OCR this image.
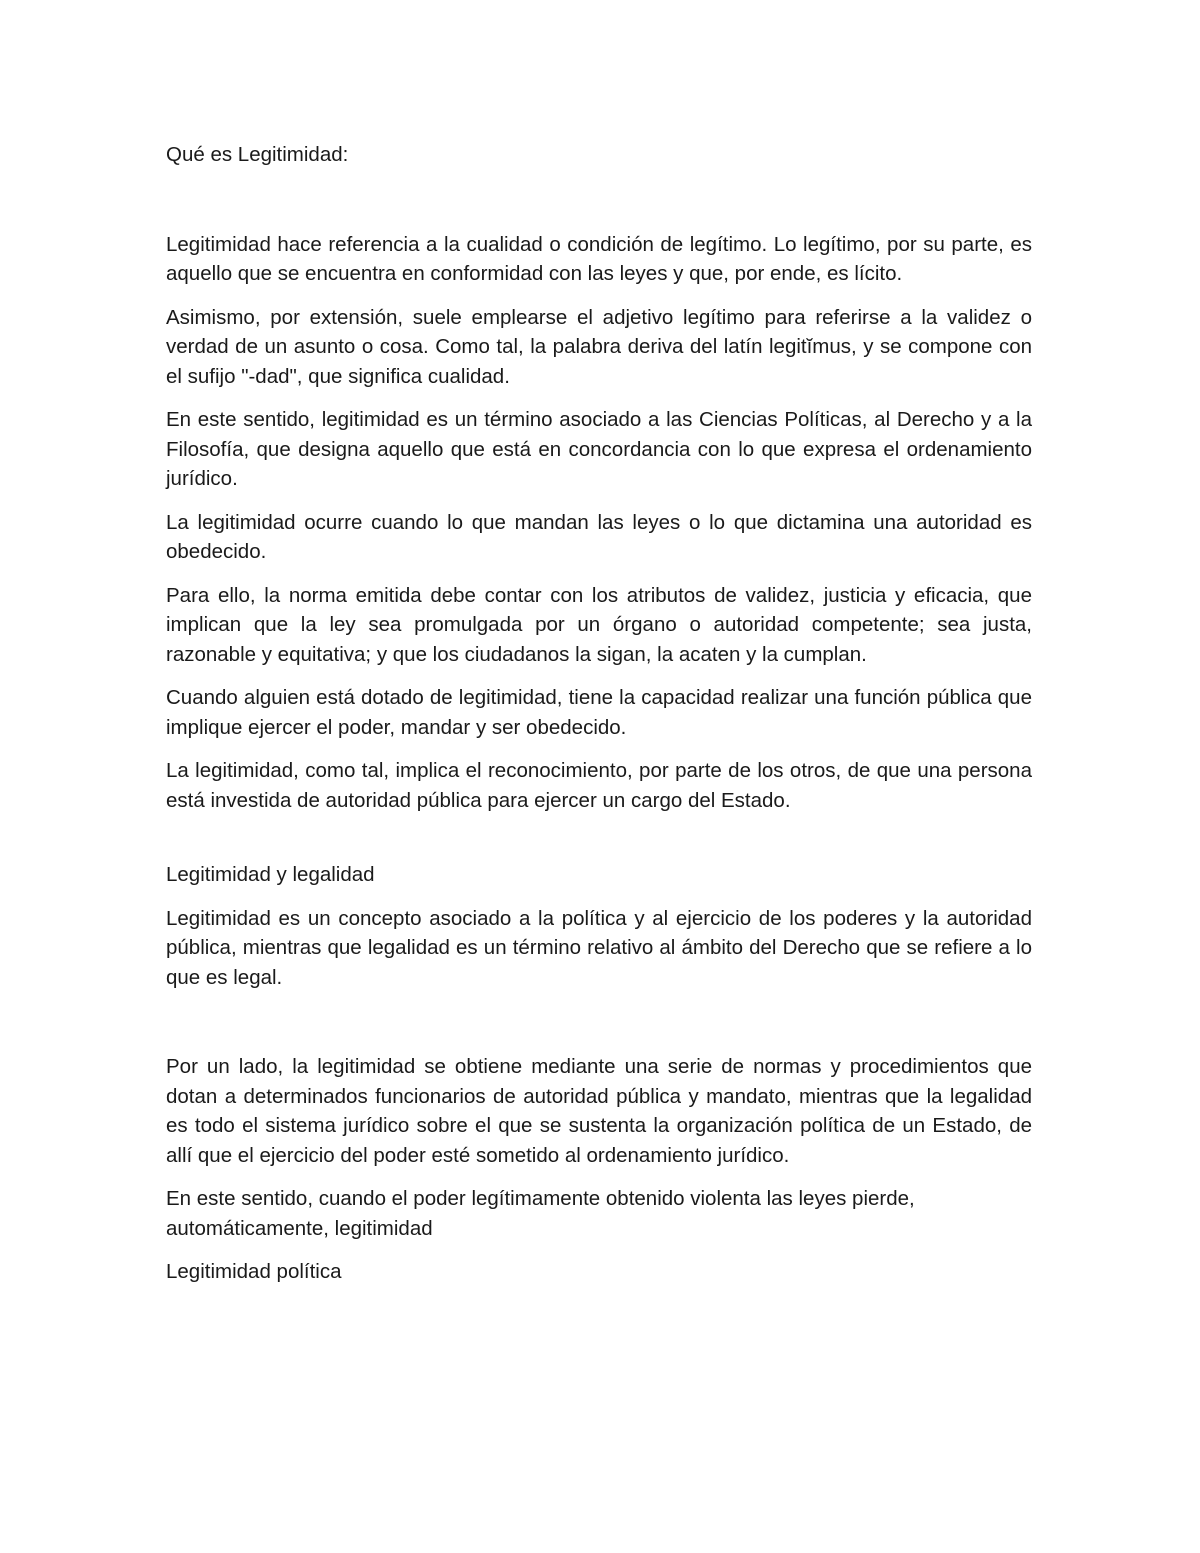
Qué es Legitimidad:

Legitimidad hace referencia a la cualidad o condición de legítimo. Lo legítimo, por su parte, es aquello que se encuentra en conformidad con las leyes y que, por ende, es lícito.

Asimismo, por extensión, suele emplearse el adjetivo legítimo para referirse a la validez o verdad de un asunto o cosa. Como tal, la palabra deriva del latín legitĭmus, y se compone con el sufijo "-dad", que significa cualidad.

En este sentido, legitimidad es un término asociado a las Ciencias Políticas, al Derecho y a la Filosofía, que designa aquello que está en concordancia con lo que expresa el ordenamiento jurídico.

La legitimidad ocurre cuando lo que mandan las leyes o lo que dictamina una autoridad es obedecido.

Para ello, la norma emitida debe contar con los atributos de validez, justicia y eficacia, que implican que la ley sea promulgada por un órgano o autoridad competente; sea justa, razonable y equitativa; y que los ciudadanos la sigan, la acaten y la cumplan.

Cuando alguien está dotado de legitimidad, tiene la capacidad realizar una función pública que implique ejercer el poder, mandar y ser obedecido.

La legitimidad, como tal, implica el reconocimiento, por parte de los otros, de que una persona está investida de autoridad pública para ejercer un cargo del Estado.

Legitimidad y legalidad

Legitimidad es un concepto asociado a la política y al ejercicio de los poderes y la autoridad pública, mientras que legalidad es un término relativo al ámbito del Derecho que se refiere a lo que es legal.

Por un lado, la legitimidad se obtiene mediante una serie de normas y procedimientos que dotan a determinados funcionarios de autoridad pública y mandato, mientras que la legalidad es todo el sistema jurídico sobre el que se sustenta la organización política de un Estado, de allí que el ejercicio del poder esté sometido al ordenamiento jurídico.

En este sentido, cuando el poder legítimamente obtenido violenta las leyes pierde, automáticamente, legitimidad

Legitimidad política
